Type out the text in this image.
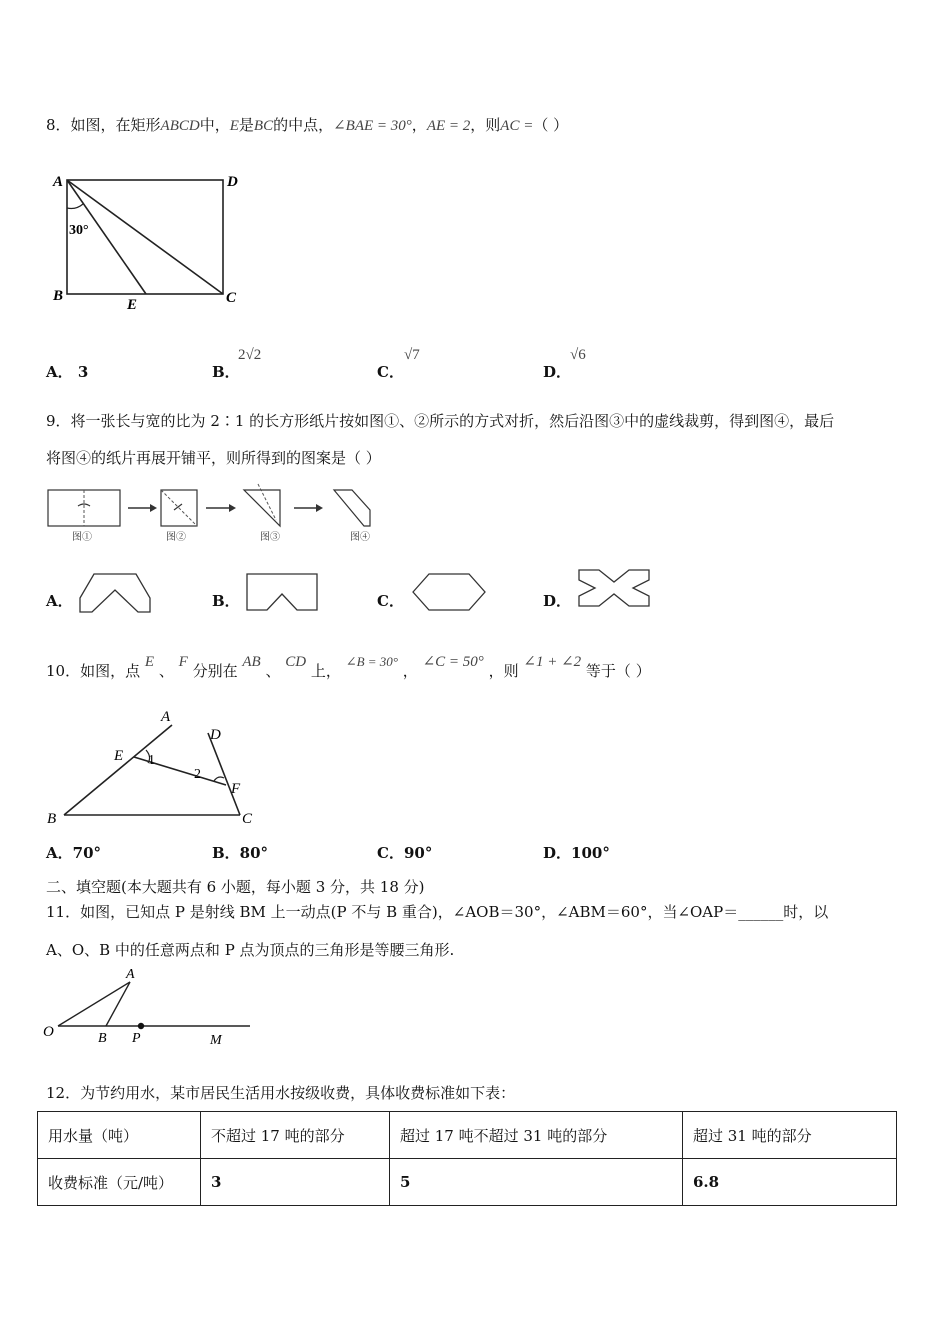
8．如图，在矩形ABCD中，E是BC的中点，∠BAE = 30°，AE = 2，则AC =（ ）
A	D
B	C
E
30°
A． 3	B．
2√2
C．
√7
D．
√6
9．将一张长与宽的比为 2∶1 的长方形纸片按如图①、②所示的方式对折，然后沿图③中的虚线裁剪，得到图④，最后
将图④的纸片再展开铺平，则所得到的图案是（ ）
图①	图②	图③	图④
A．	B．	C．	D．
10．如图，点 E 、 F 分别在 AB 、 CD 上， ∠B = 30° ， ∠C = 50° ，则 ∠1 + ∠2 等于（ ）
A
D
E 1
2
F
B	C
A．70°	B．80°	C．90°	D．100°
二、填空题(本大题共有 6 小题，每小题 3 分，共 18 分)
11．如图，已知点 P 是射线 BM 上一动点(P 不与 B 重合)，∠AOB＝30°，∠ABM＝60°，当∠OAP＝______时，以
A、O、B 中的任意两点和 P 点为顶点的三角形是等腰三角形.
O
A
B P	M
12．为节约用水，某市居民生活用水按级收费，具体收费标准如下表：
用水量（吨）	不超过 17 吨的部分	超过 17 吨不超过 31 吨的部分	超过 31 吨的部分
收费标准（元/吨）	3	5	6.8
